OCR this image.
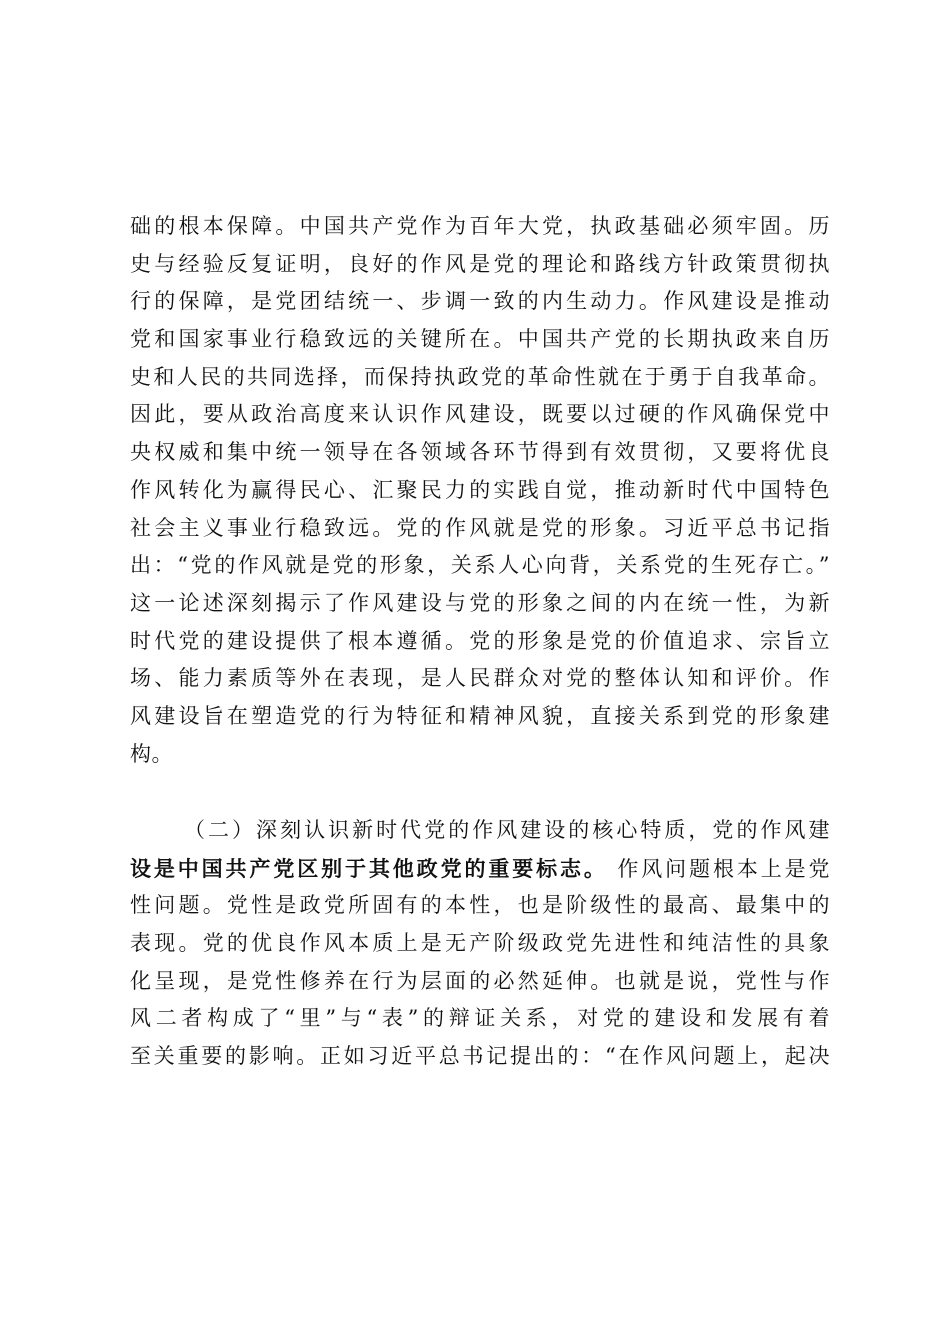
础的根本保障。中国共产党作为百年大党，执政基础必须牢固。历
史与经验反复证明，良好的作风是党的理论和路线方针政策贯彻执
行的保障，是党团结统一、步调一致的内生动力。作风建设是推动
党和国家事业行稳致远的关键所在。中国共产党的长期执政来自历
史和人民的共同选择，而保持执政党的革命性就在于勇于自我革命。
因此，要从政治高度来认识作风建设，既要以过硬的作风确保党中
央权威和集中统一领导在各领域各环节得到有效贯彻，又要将优良
作风转化为赢得民心、汇聚民力的实践自觉，推动新时代中国特色
社会主义事业行稳致远。党的作风就是党的形象。习近平总书记指
出：“党的作风就是党的形象，关系人心向背，关系党的生死存亡。”
这一论述深刻揭示了作风建设与党的形象之间的内在统一性，为新
时代党的建设提供了根本遵循。党的形象是党的价值追求、宗旨立
场、能力素质等外在表现，是人民群众对党的整体认知和评价。作
风建设旨在塑造党的行为特征和精神风貌，直接关系到党的形象建
构。
（二）深刻认识新时代党的作风建设的核心特质，党的作风建
设是中国共产党区别于其他政党的重要标志。 作风问题根本上是党
性问题。党性是政党所固有的本性，也是阶级性的最高、最集中的
表现。党的优良作风本质上是无产阶级政党先进性和纯洁性的具象
化呈现，是党性修养在行为层面的必然延伸。也就是说，党性与作
风二者构成了“里”与“表”的辩证关系，对党的建设和发展有着
至关重要的影响。正如习近平总书记提出的：“在作风问题上，起决
